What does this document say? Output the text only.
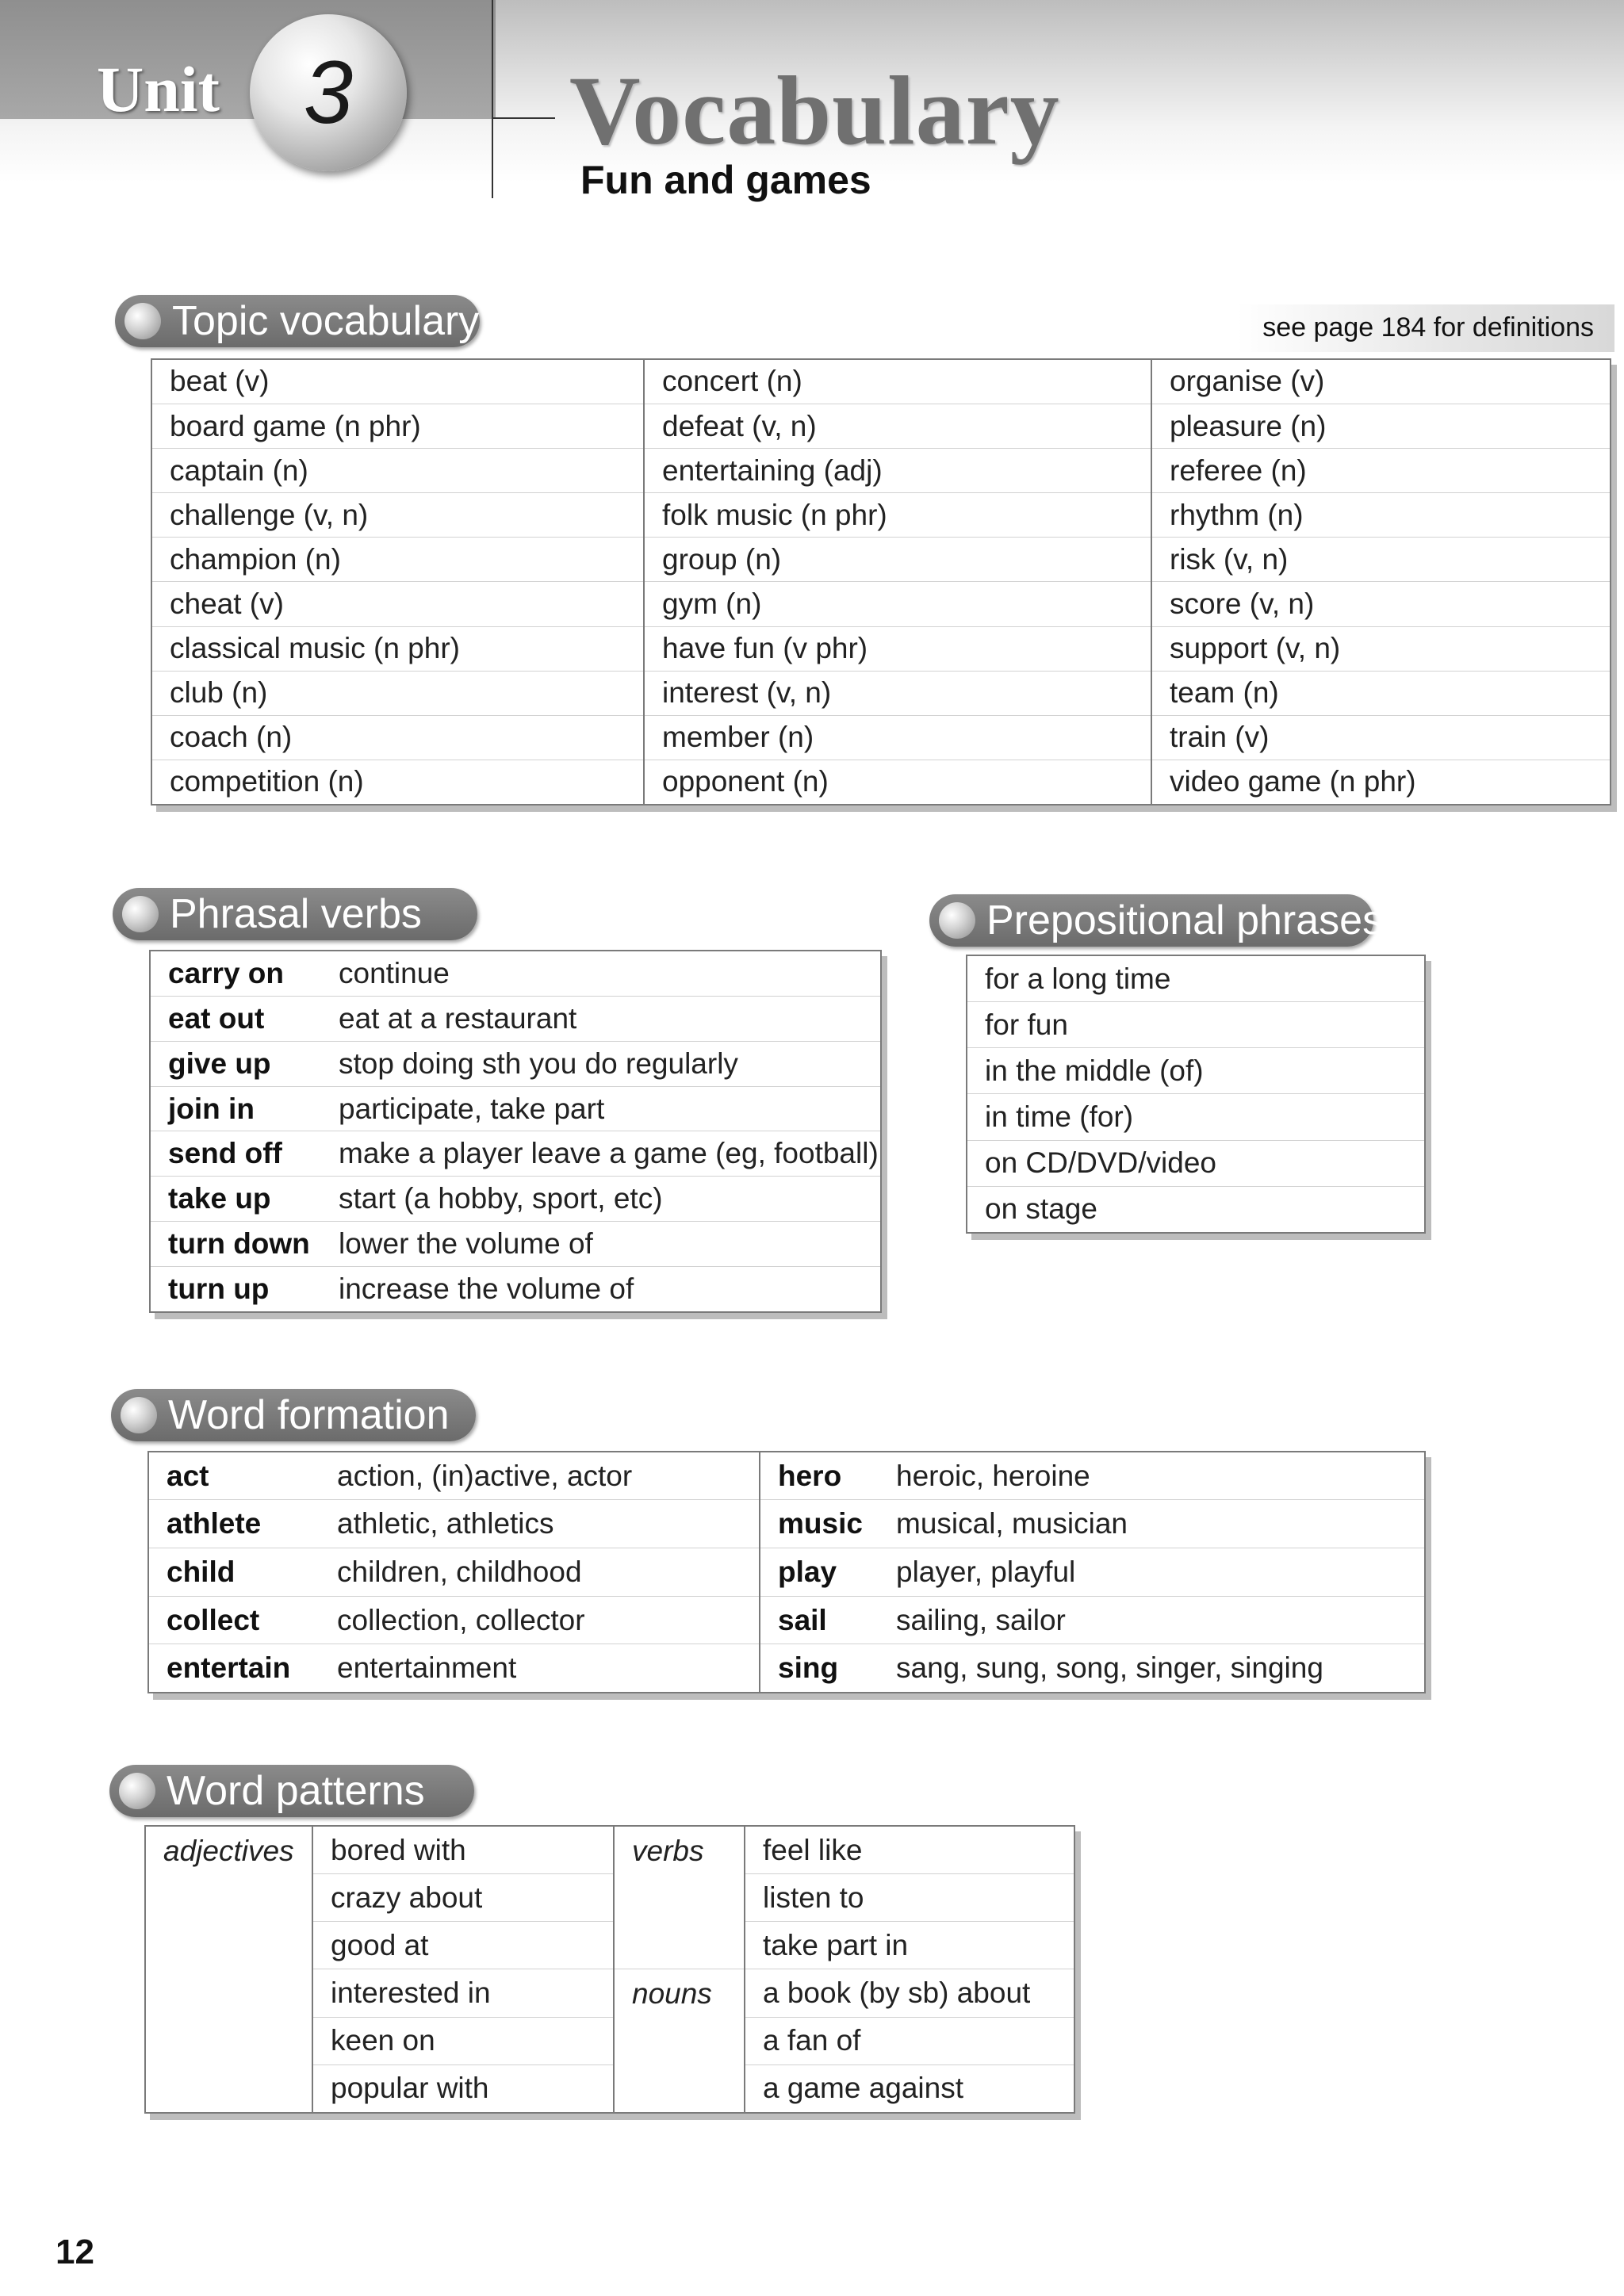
Unit 3	Vocabulary
Fun and games
Topic vocabulary	see page 184 for definitions
beat (v)	concert (n)	organise (v)
board game (n phr)	defeat (v, n)	pleasure (n)
captain (n)	entertaining (adj)	referee (n)
challenge (v, n)	folk music (n phr)	rhythm (n)
champion (n)	group (n)	risk (v, n)
cheat (v)	gym (n)	score (v, n)
classical music (n phr)	have fun (v phr)	support (v, n)
club (n)	interest (v, n)	team (n)
coach (n)	member (n)	train (v)
competition (n)	opponent (n)	video game (n phr)
Phrasal verbs
carry on	continue
eat out	eat at a restaurant
give up	stop doing sth you do regularly
join in	participate, take part
send off	make a player leave a game (eg, football)
take up	start (a hobby, sport, etc)
turn down	lower the volume of
turn up	increase the volume of
Prepositional phrases
for a long time
for fun
in the middle (of)
in time (for)
on CD/DVD/video
on stage
Word formation
act	action, (in)active, actor	hero	heroic, heroine
athlete	athletic, athletics	music	musical, musician
child	children, childhood	play	player, playful
collect	collection, collector	sail	sailing, sailor
entertain	entertainment	sing	sang, sung, song, singer, singing
Word patterns
adjectives	bored with	verbs	feel like
	crazy about		listen to
	good at		take part in
	interested in	nouns	a book (by sb) about
	keen on		a fan of
	popular with		a game against
12
